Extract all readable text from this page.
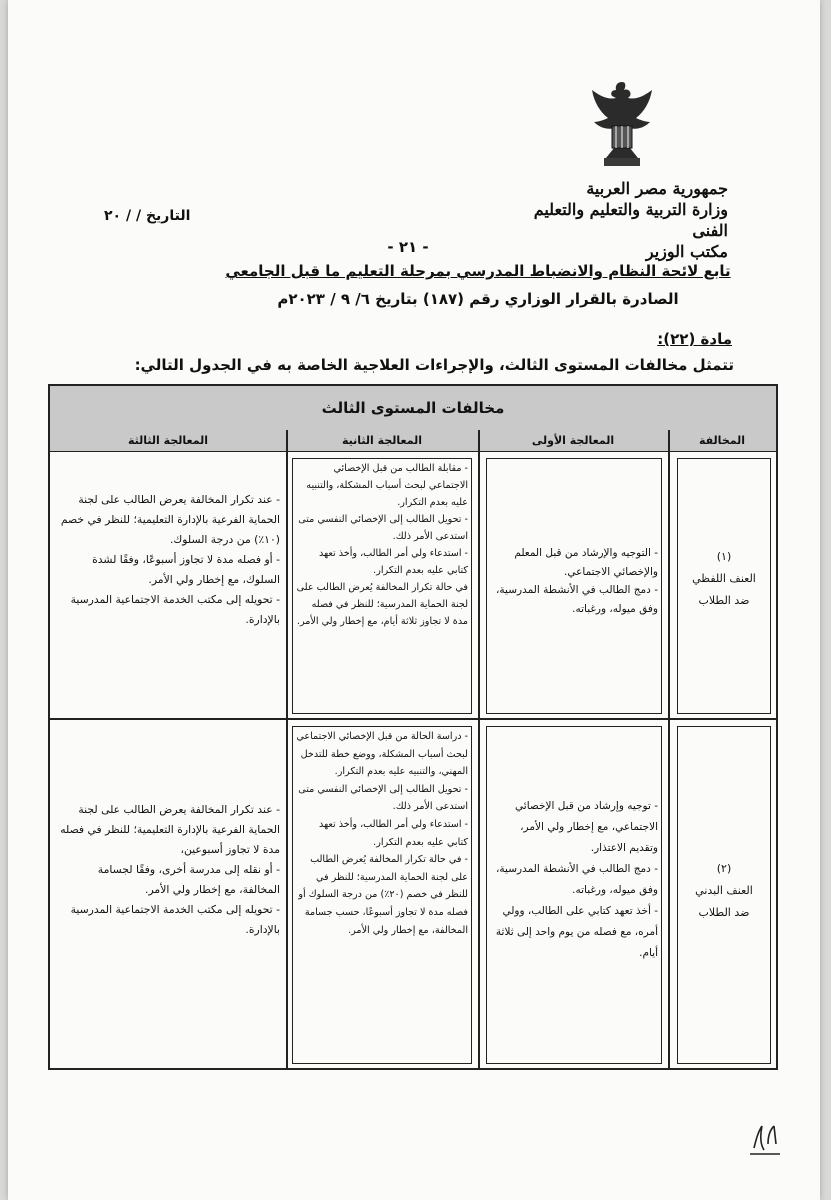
جمهورية مصر العربية
وزارة التربية والتعليم والتعليم الفنى
مكتب الوزير
التاريخ / / ٢٠
- ٢١ -
تابع لائحة النظام والانضباط المدرسي بمرحلة التعليم ما قبل الجامعي
الصادرة بالقرار الوزاري رقم (١٨٧) بتاريخ ٦/ ٩ / ٢٠٢٣م
مادة (٢٢):
تتمثل مخالفات المستوى الثالث، والإجراءات العلاجية الخاصة به في الجدول التالي:
مخالفات المستوى الثالث
المخالفة
المعالجة الأولى
المعالجة الثانية
المعالجة الثالثة
(١)
العنف اللفظي
ضد الطلاب

- التوجيه والإرشاد من قبل المعلم والإخصائي الاجتماعي.

- دمج الطالب في الأنشطة المدرسية، وفق ميوله، ورغباته.

- مقابلة الطالب من قبل الإخصائي الاجتماعي لبحث أسباب المشكلة، والتنبيه عليه بعدم التكرار.

- تحويل الطالب إلى الإخصائي النفسي متى استدعى الأمر ذلك.

- استدعاء ولي أمر الطالب، وأخذ تعهد كتابي عليه بعدم التكرار.

في حالة تكرار المخالفة يُعرض الطالب على لجنة الحماية المدرسية؛ للنظر في فصله مدة لا تجاوز ثلاثة أيام، مع إخطار ولي الأمر.

- عند تكرار المخالفة يعرض الطالب على لجنة الحماية الفرعية بالإدارة التعليمية؛ للنظر في خصم (١٠٪) من درجة السلوك.

- أو فصله مدة لا تجاوز أسبوعًا، وفقًا لشدة السلوك، مع إخطار ولي الأمر.

- تحويله إلى مكتب الخدمة الاجتماعية المدرسية بالإدارة.

(٢)
العنف البدني
ضد الطلاب

- توجيه وإرشاد من قبل الإخصائي الاجتماعي، مع إخطار ولي الأمر، وتقديم الاعتذار.

- دمج الطالب في الأنشطة المدرسية، وفق ميوله، ورغباته.

- أخذ تعهد كتابي على الطالب، وولي أمره، مع فصله من يوم واحد إلى ثلاثة أيام.

- دراسة الحالة من قبل الإخصائي الاجتماعي لبحث أسباب المشكلة، ووضع خطة للتدخل المهني، والتنبيه عليه بعدم التكرار.

- تحويل الطالب إلى الإخصائي النفسي متى استدعى الأمر ذلك.

- استدعاء ولي أمر الطالب، وأخذ تعهد كتابي عليه بعدم التكرار.

- في حالة تكرار المخالفة يُعرض الطالب على لجنة الحماية المدرسية؛ للنظر في للنظر في خصم (٢٠٪) من درجة السلوك أو فصله مدة لا تجاوز أسبوعًا، حسب جسامة المخالفة، مع إخطار ولي الأمر.

- عند تكرار المخالفة يعرض الطالب على لجنة الحماية الفرعية بالإدارة التعليمية؛ للنظر في فصله مدة لا تجاوز أسبوعين،

- أو نقله إلى مدرسة أخرى، وفقًا لجسامة المخالفة، مع إخطار ولي الأمر.

- تحويله إلى مكتب الخدمة الاجتماعية المدرسية بالإدارة.
